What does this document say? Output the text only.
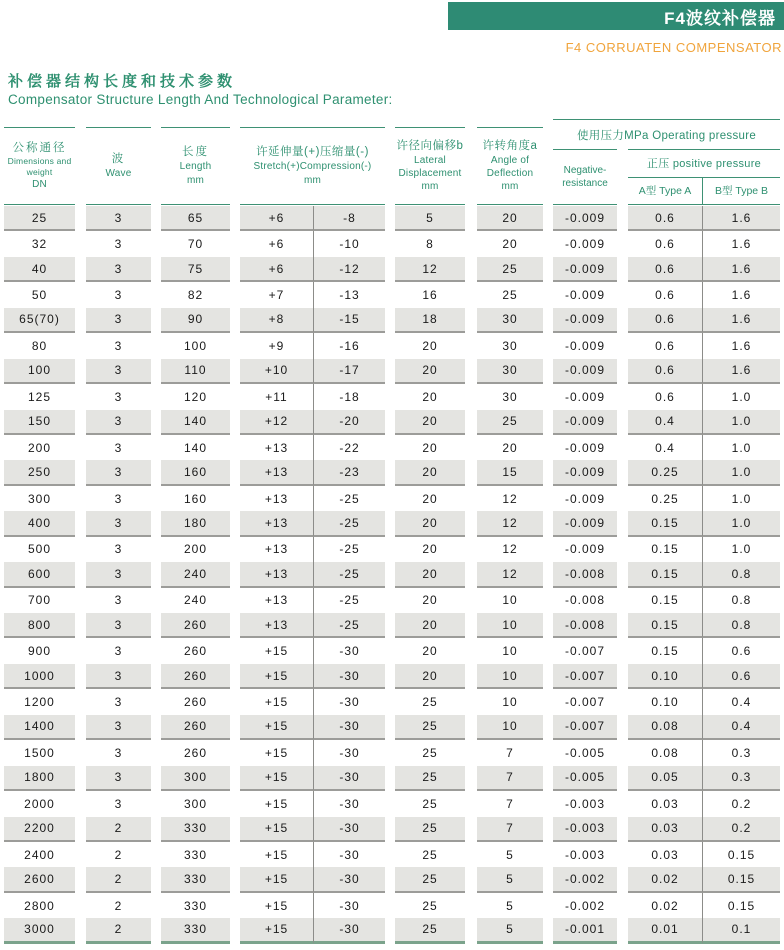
F4波纹补偿器
F4 CORRUATEN COMPENSATOR
补偿器结构长度和技术参数
Compensator Structure Length And Technological Parameter:
公称通径
Dimensions and weight
DN
波
Wave
长度
Length
mm
许延伸量(+)压缩量(-)
Stretch(+)Compression(-)
mm
许径向偏移b
Lateral Displacement
mm
许转角度a
Angle of Deflection
mm
使用压力MPa Operating pressure
Negative-
resistance
正压 positive pressure
A型 Type A	B型 Type B
25	3	65	+6	-8	5	20	-0.009	0.6	1.6
32	3	70	+6	-10	8	20	-0.009	0.6	1.6
40	3	75	+6	-12	12	25	-0.009	0.6	1.6
50	3	82	+7	-13	16	25	-0.009	0.6	1.6
65(70)	3	90	+8	-15	18	30	-0.009	0.6	1.6
80	3	100	+9	-16	20	30	-0.009	0.6	1.6
100	3	110	+10	-17	20	30	-0.009	0.6	1.6
125	3	120	+11	-18	20	30	-0.009	0.6	1.0
150	3	140	+12	-20	20	25	-0.009	0.4	1.0
200	3	140	+13	-22	20	20	-0.009	0.4	1.0
250	3	160	+13	-23	20	15	-0.009	0.25	1.0
300	3	160	+13	-25	20	12	-0.009	0.25	1.0
400	3	180	+13	-25	20	12	-0.009	0.15	1.0
500	3	200	+13	-25	20	12	-0.009	0.15	1.0
600	3	240	+13	-25	20	12	-0.008	0.15	0.8
700	3	240	+13	-25	20	10	-0.008	0.15	0.8
800	3	260	+13	-25	20	10	-0.008	0.15	0.8
900	3	260	+15	-30	20	10	-0.007	0.15	0.6
1000	3	260	+15	-30	20	10	-0.007	0.10	0.6
1200	3	260	+15	-30	25	10	-0.007	0.10	0.4
1400	3	260	+15	-30	25	10	-0.007	0.08	0.4
1500	3	260	+15	-30	25	7	-0.005	0.08	0.3
1800	3	300	+15	-30	25	7	-0.005	0.05	0.3
2000	3	300	+15	-30	25	7	-0.003	0.03	0.2
2200	2	330	+15	-30	25	7	-0.003	0.03	0.2
2400	2	330	+15	-30	25	5	-0.003	0.03	0.15
2600	2	330	+15	-30	25	5	-0.002	0.02	0.15
2800	2	330	+15	-30	25	5	-0.002	0.02	0.15
3000	2	330	+15	-30	25	5	-0.001	0.01	0.1
